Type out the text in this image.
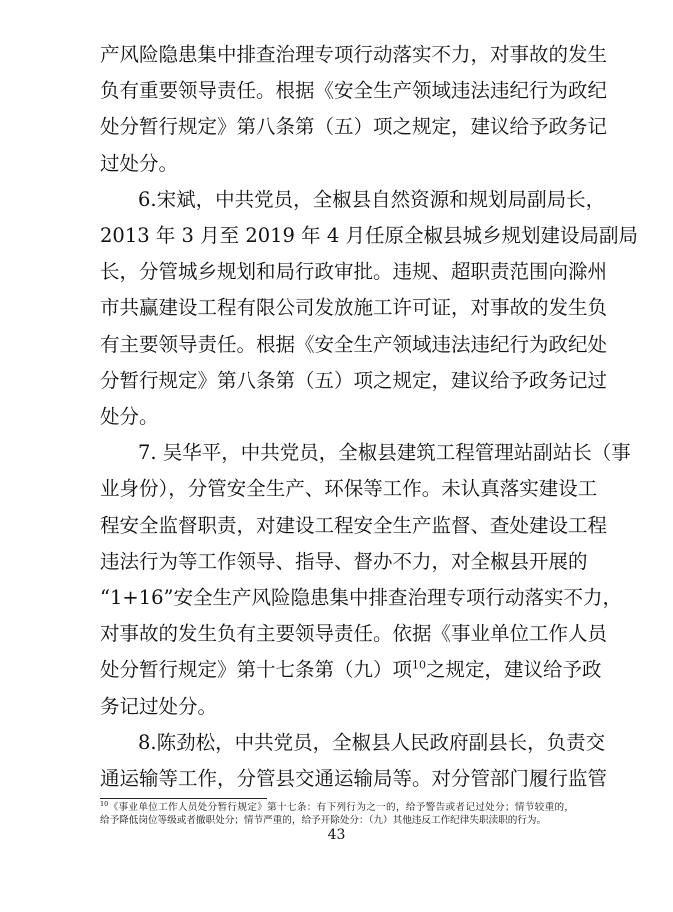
产风险隐患集中排查治理专项行动落实不力，对事故的发生
负有重要领导责任。根据《安全生产领域违法违纪行为政纪
处分暂行规定》第八条第（五）项之规定，建议给予政务记
过处分。
6.宋斌，中共党员，全椒县自然资源和规划局副局长，
2013 年 3 月至 2019 年 4 月任原全椒县城乡规划建设局副局
长，分管城乡规划和局行政审批。违规、超职责范围向滁州
市共赢建设工程有限公司发放施工许可证，对事故的发生负
有主要领导责任。根据《安全生产领域违法违纪行为政纪处
分暂行规定》第八条第（五）项之规定，建议给予政务记过
处分。
7. 吴华平，中共党员，全椒县建筑工程管理站副站长（事
业身份），分管安全生产、环保等工作。未认真落实建设工
程安全监督职责，对建设工程安全生产监督、查处建设工程
违法行为等工作领导、指导、督办不力，对全椒县开展的
“1+16”安全生产风险隐患集中排查治理专项行动落实不力，
对事故的发生负有主要领导责任。依据《事业单位工作人员
处分暂行规定》第十七条第（九）项$^{10}$之规定，建议给予政
务记过处分。
$^{10}$《事业单位工作人员处分暂行规定》第十七条：有下列行为之一的，给予警告或者记过处分；情节较重的，
给予降低岗位等级或者撤职处分；情节严重的，给予开除处分：（九）其他违反工作纪律失职渎职的行为。
43
8.陈劲松，中共党员，全椒县人民政府副县长，负责交
通运输等工作，分管县交通运输局等。对分管部门履行监管
